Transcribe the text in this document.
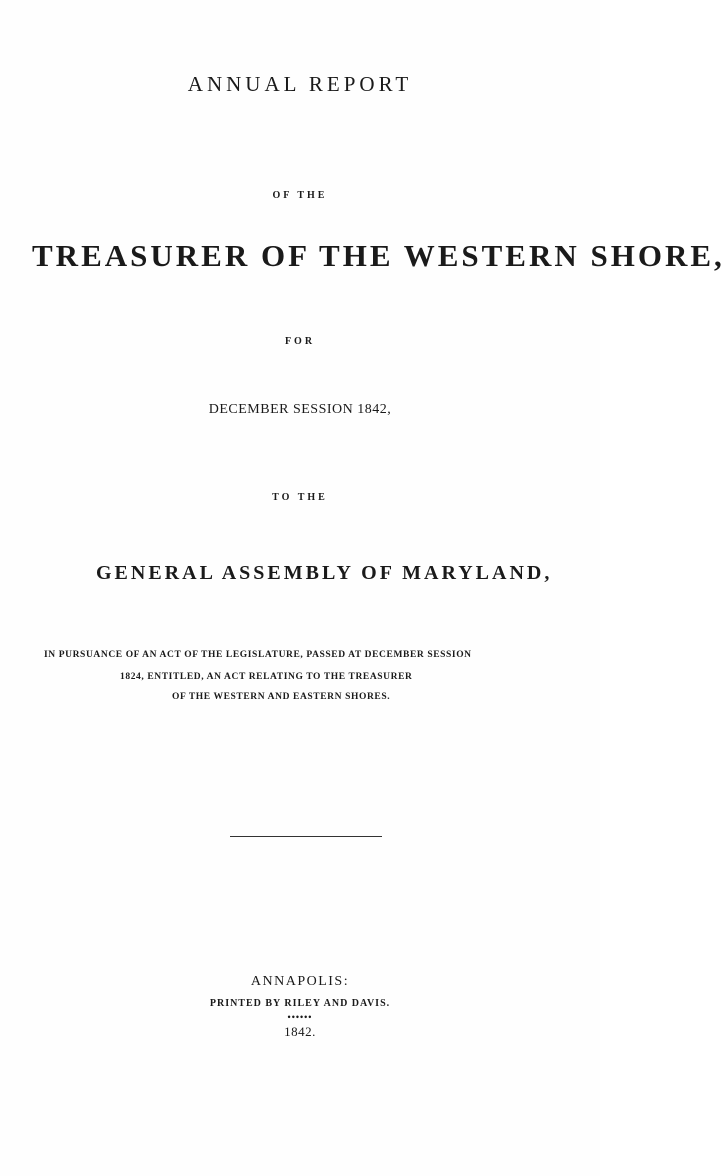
ANNUAL REPORT

OF THE

TREASURER OF THE WESTERN SHORE,

FOR

DECEMBER SESSION 1842,

TO THE

GENERAL ASSEMBLY OF MARYLAND,

IN PURSUANCE OF AN ACT OF THE LEGISLATURE, PASSED AT DECEMBER SESSION

1824, ENTITLED, AN ACT RELATING TO THE TREASURER

OF THE WESTERN AND EASTERN SHORES.

ANNAPOLIS:

PRINTED BY RILEY AND DAVIS.

••••••

1842.
